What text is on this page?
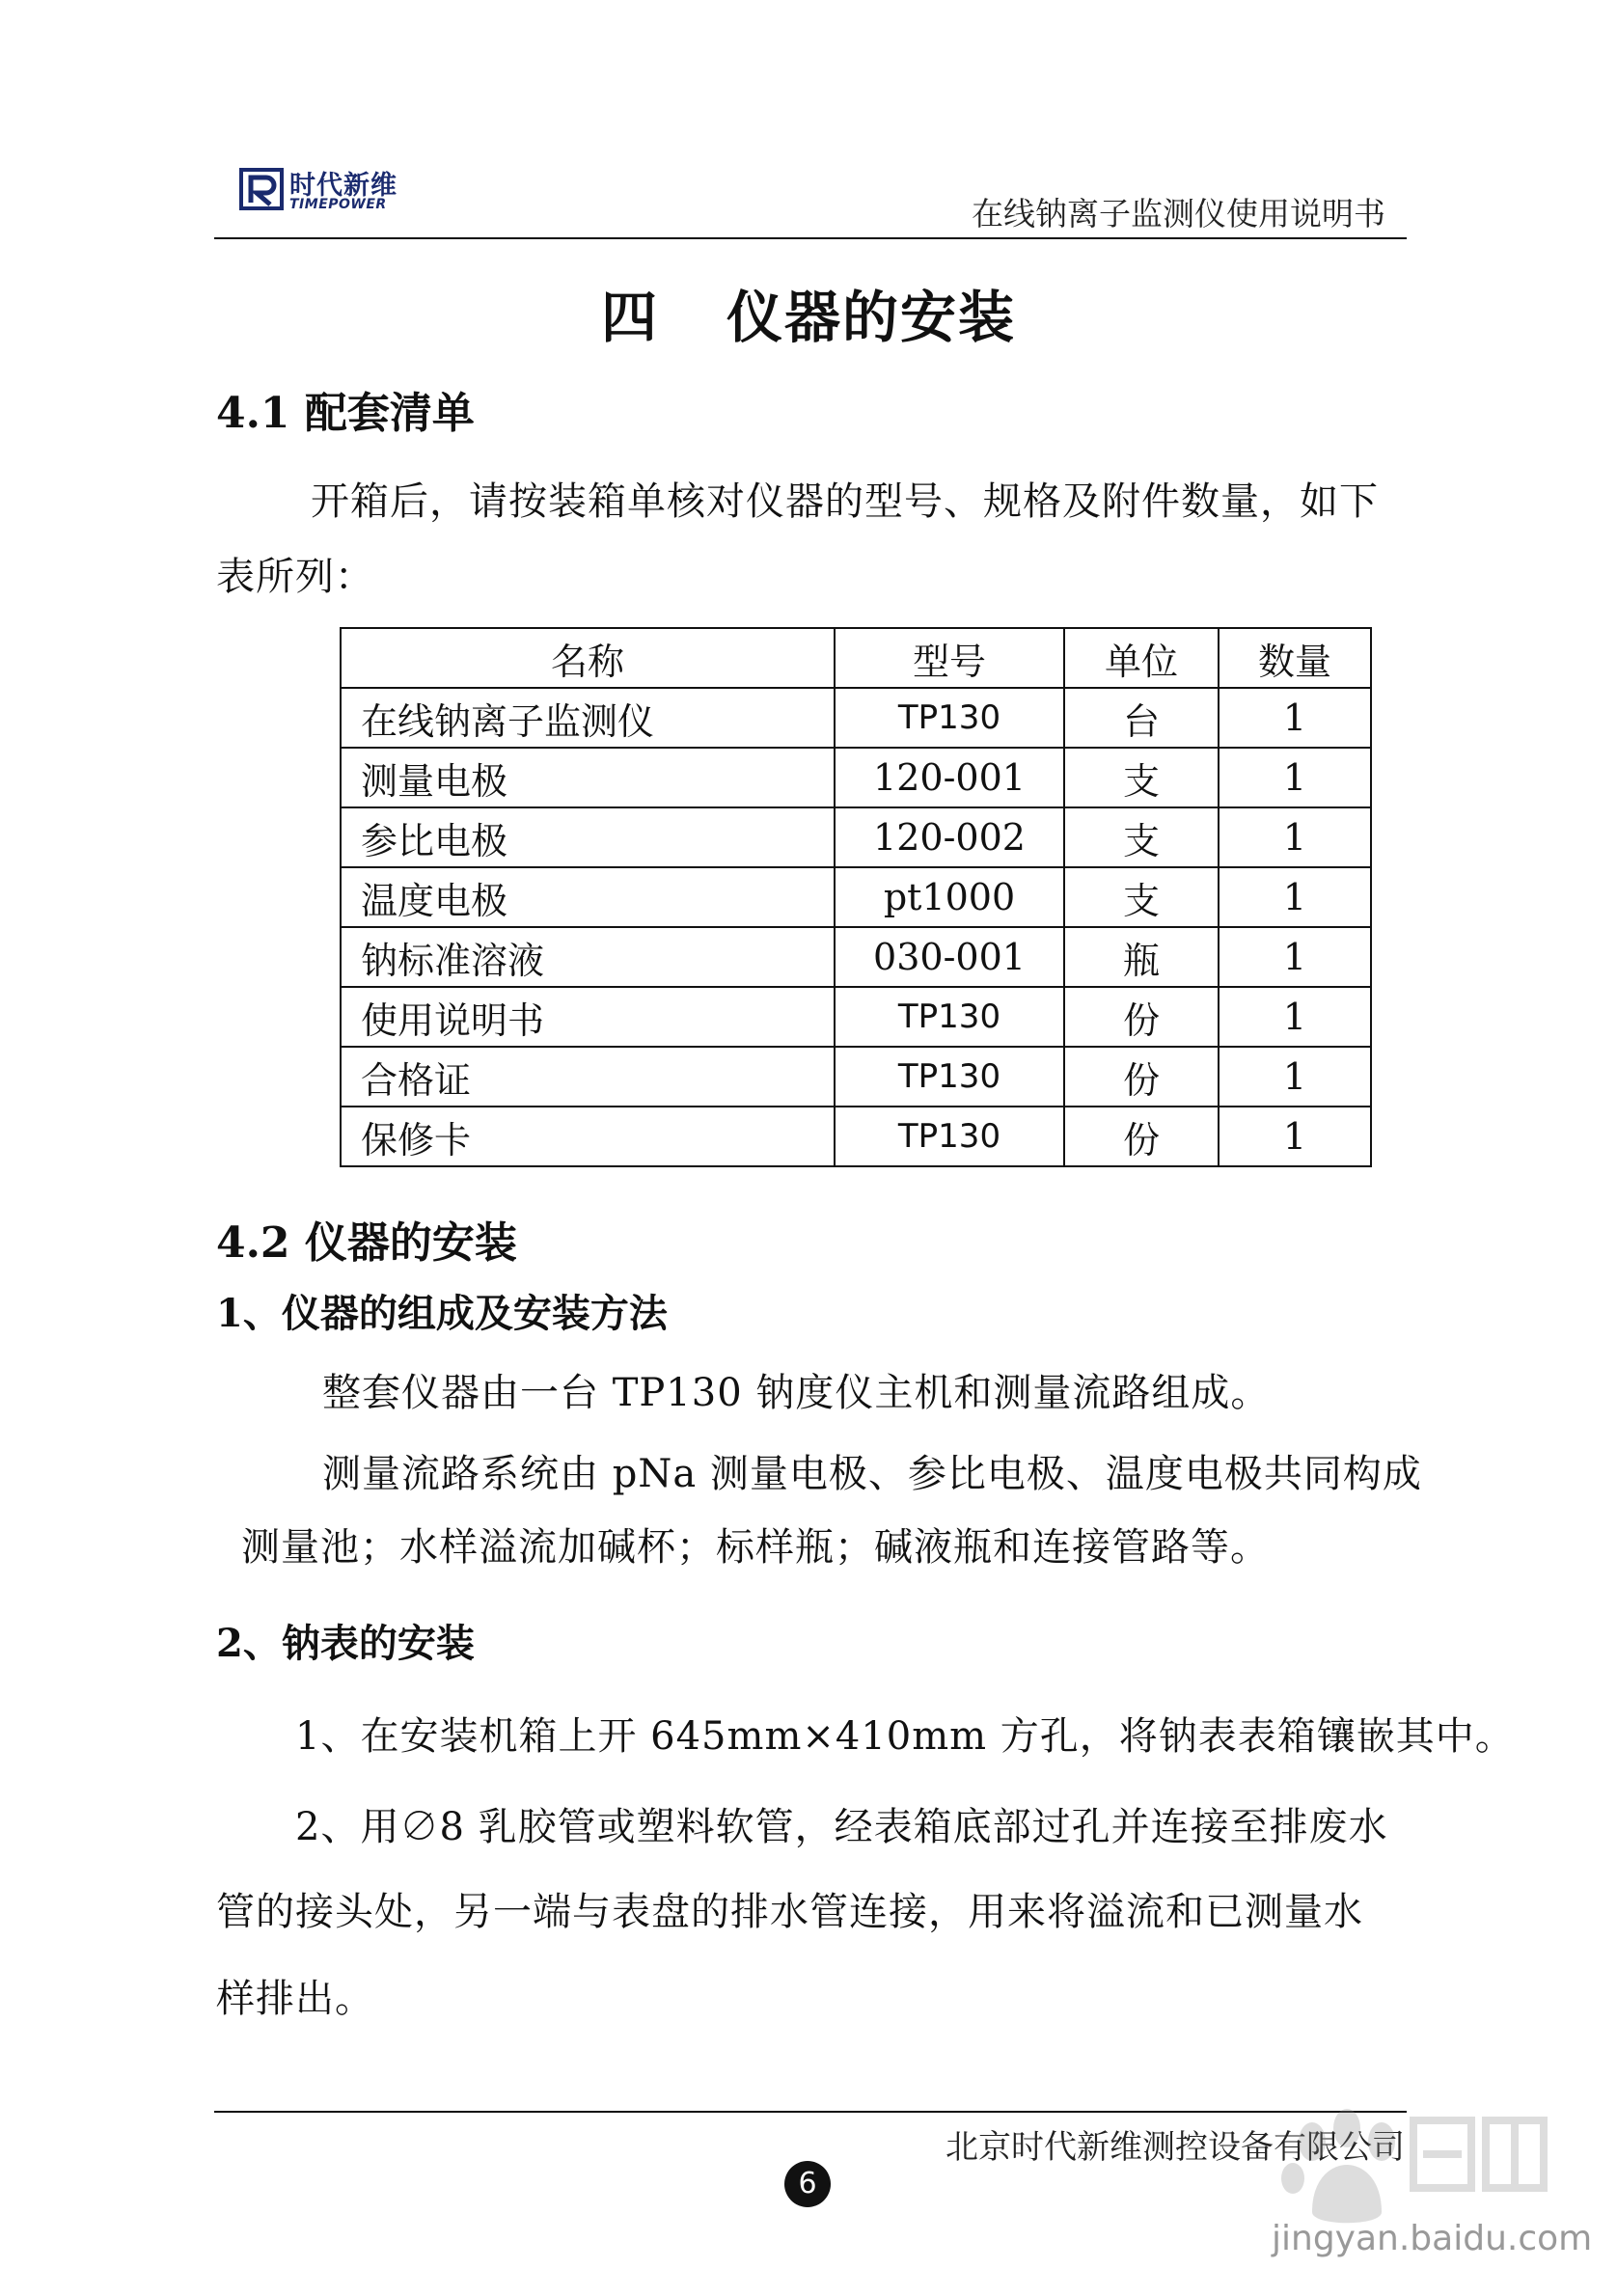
时代新维
TIMEPOWER	在线钠离子监测仪使用说明书
四 仪器的安装
4.1 配套清单
开箱后，请按装箱单核对仪器的型号、规格及附件数量，如下
表所列：
名称	型号	单位	数量
在线钠离子监测仪	TP130	台	1
测量电极	120-001	支	1
参比电极	120-002	支	1
温度电极	pt1000	支	1
钠标准溶液	030-001	瓶	1
使用说明书	TP130	份	1
合格证	TP130	份	1
保修卡	TP130	份	1
4.2 仪器的安装
1、仪器的组成及安装方法
整套仪器由一台 TP130 钠度仪主机和测量流路组成。
测量流路系统由 pNa 测量电极、参比电极、温度电极共同构成
测量池；水样溢流加碱杯；标样瓶；碱液瓶和连接管路等。
2、钠表的安装
1、在安装机箱上开 645mm×410mm 方孔，将钠表表箱镶嵌其中。
2、用∅8 乳胶管或塑料软管，经表箱底部过孔并连接至排废水
管的接头处，另一端与表盘的排水管连接，用来将溢流和已测量水
样排出。
北京时代新维测控设备有限公司
6
jingyan.baidu.com
